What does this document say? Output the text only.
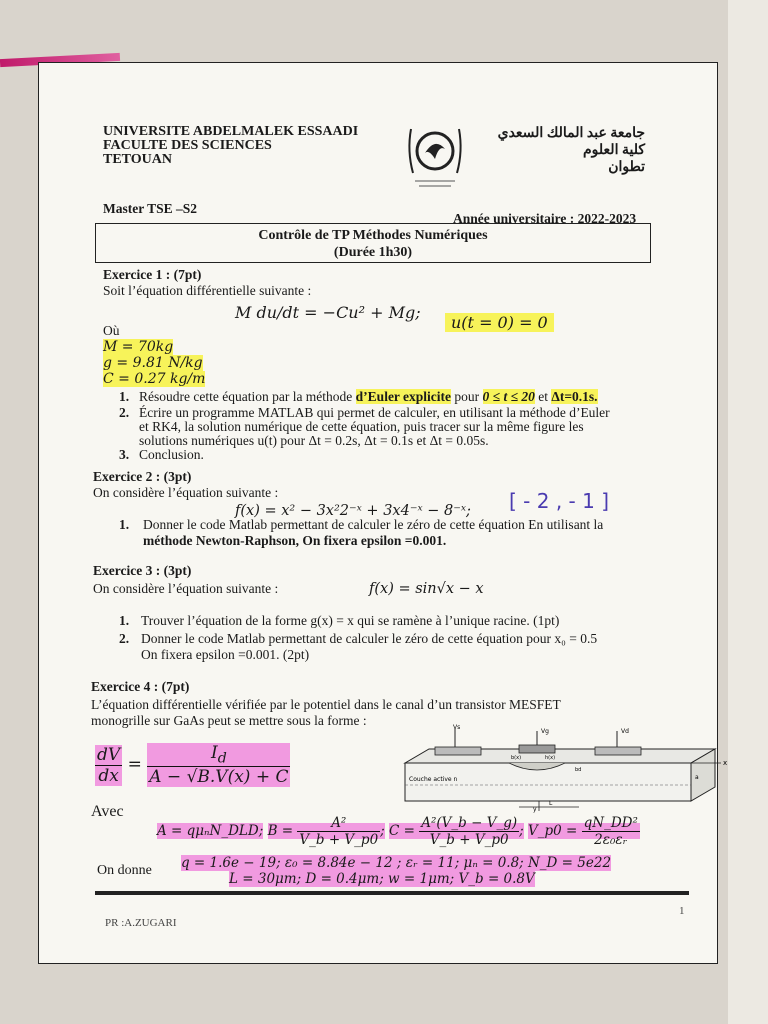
UNIVERSITE ABDELMALEK ESSAADI
FACULTE DES SCIENCES
TETOUAN
جامعة عبد المالك السعدي
كلية العلوم
تطوان
Master TSE –S2
Année universitaire : 2022-2023
Contrôle de TP Méthodes Numériques
(Durée 1h30)
Exercice 1 : (7pt)
Soit l’équation différentielle suivante :
M du/dt = −Cu² + Mg;
u(t = 0) = 0
Où
M = 70kg
g = 9.81 N/kg
C = 0.27 kg/m
1. Résoudre cette équation par la méthode d’Euler explicite pour 0 ≤ t ≤ 20 et Δt=0.1s.
2. Écrire un programme MATLAB qui permet de calculer, en utilisant la méthode d’Euler
et RK4, la solution numérique de cette équation, puis tracer sur la même figure les
solutions numériques u(t) pour Δt = 0.2s, Δt = 0.1s et Δt = 0.05s.
3. Conclusion.
Exercice 2 : (3pt)
On considère l’équation suivante :
f(x) = x² − 3x²2⁻ˣ + 3x4⁻ˣ − 8⁻ˣ; [ - 2 , - 1 ]
1. Donner le code Matlab permettant de calculer le zéro de cette équation En utilisant la
méthode Newton-Raphson, On fixera epsilon =0.001.
Exercice 3 : (3pt)
On considère l’équation suivante :	f(x) = sin√x − x
1. Trouver l’équation de la forme g(x) = x qui se ramène à l’unique racine. (1pt)
2. Donner le code Matlab permettant de calculer le zéro de cette équation pour x₀ = 0.5
On fixera epsilon =0.001. (2pt)
Exercice 4 : (7pt)
L’équation différentielle vérifiée par le potentiel dans le canal d’un transistor MESFET
monogrille sur GaAs peut se mettre sous la forme :
$\frac{dV}{dx} = \frac{I_d}{A - √B.V(x) + C}$
Vs
Vg	Vd
Couche active n
b(x)	h(x)
bd
a
x
y
L
Avec
A = qμₙN_DLD; $B = \frac{\text{A²}}{V\_b + V\_p0}$ ; $C = \frac{\text{A²(V\_b − V\_g)}}{V\_b + V\_p0}$ ; V_p0 = $\frac{\text{qN\_DD²}}{\text{2ε₀εᵣ}}$
On donne q = 1.6e − 19; ε₀ = 8.84e − 12 ; εᵣ = 11; μₙ = 0.8; N_D = 5e22
L = 30μm; D = 0.4μm; w = 1μm; V_b = 0.8V
PR :A.ZUGARI
1
